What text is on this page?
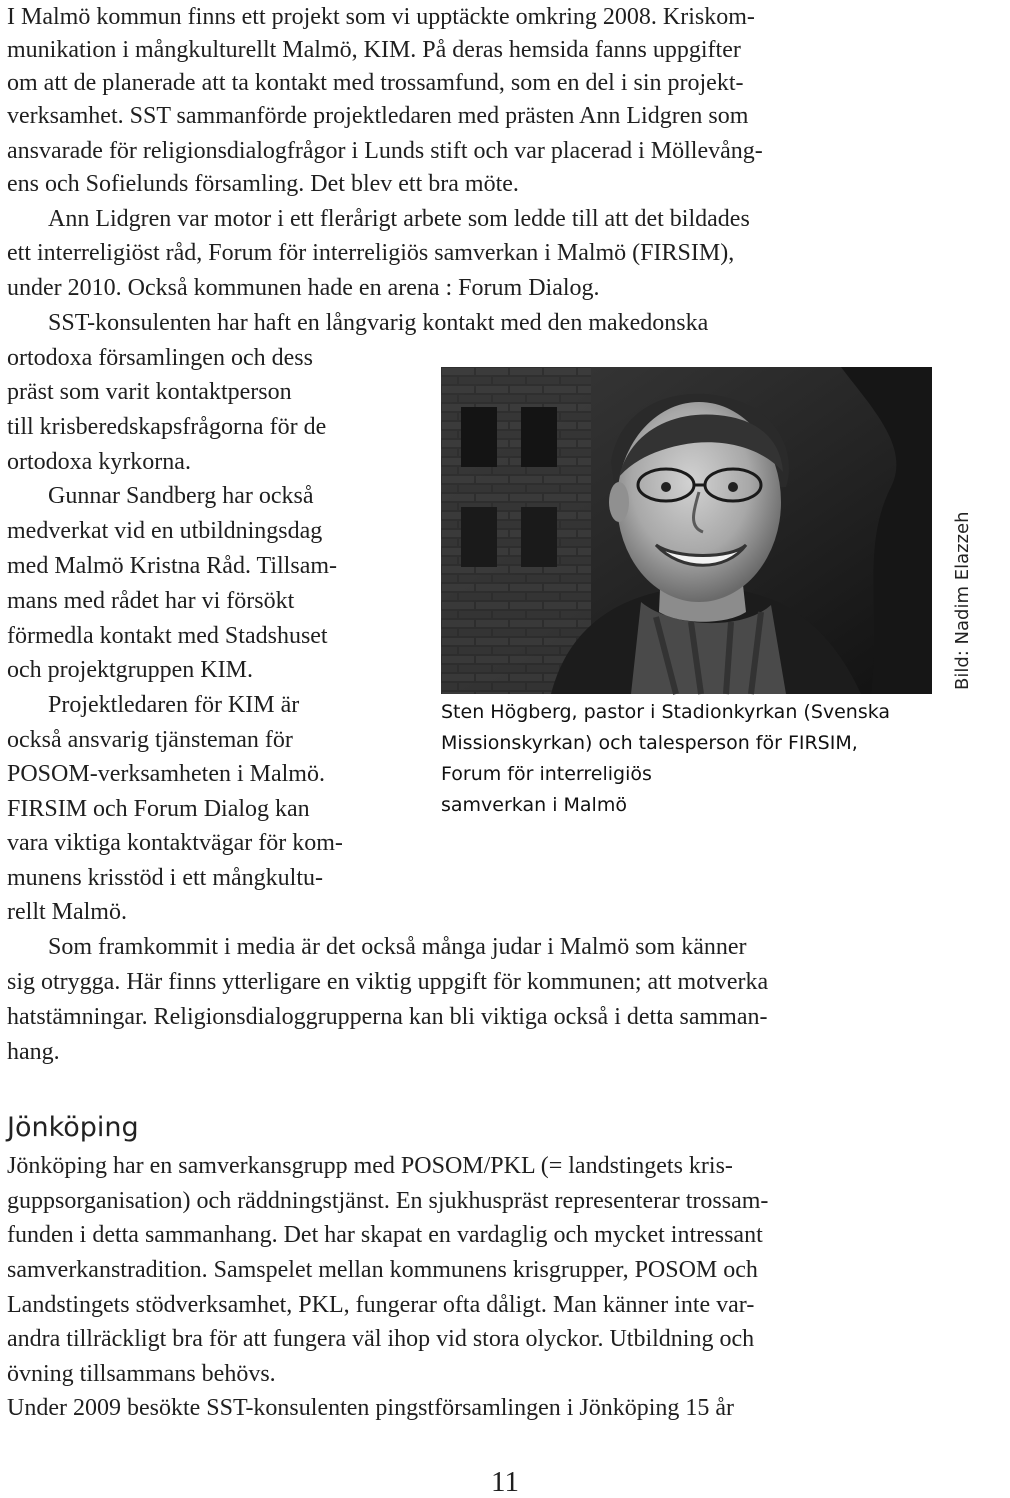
I Malmö kommun finns ett projekt som vi upptäckte omkring 2008. Kriskom-
munikation i mångkulturellt Malmö, KIM. På deras hemsida fanns uppgifter
om att de planerade att ta kontakt med trossamfund, som en del i sin projekt-
verksamhet. SST sammanförde projektledaren med prästen Ann Lidgren som
ansvarade för religionsdialogfrågor i Lunds stift och var placerad i Möllevång-
ens och Sofielunds församling. Det blev ett bra möte.
Ann Lidgren var motor i ett flerårigt arbete som ledde till att det bildades
ett interreligiöst råd, Forum för interreligiös samverkan i Malmö (FIRSIM),
under 2010. Också kommunen hade en arena : Forum Dialog.
SST-konsulenten har haft en långvarig kontakt med den makedonska
ortodoxa församlingen och dess
präst som varit kontaktperson
till krisberedskapsfrågorna för de
ortodoxa kyrkorna.
Gunnar Sandberg har också
medverkat vid en utbildningsdag
med Malmö Kristna Råd. Tillsam-
mans med rådet har vi försökt
förmedla kontakt med Stadshuset
och projektgruppen KIM.
Projektledaren för KIM är
också ansvarig tjänsteman för
POSOM-verksamheten i Malmö.
FIRSIM och Forum Dialog kan
vara viktiga kontaktvägar för kom-
munens krisstöd i ett mångkultu-
rellt Malmö.
Som framkommit i media är det också många judar i Malmö som känner
sig otrygga. Här finns ytterligare en viktig uppgift för kommunen; att motverka
hatstämningar. Religionsdialoggrupperna kan bli viktiga också i detta samman-
hang.
Sten Högberg, pastor i Stadionkyrkan (Svenska
Missionskyrkan) och talesperson för FIRSIM,
Forum för interreligiös
samverkan i Malmö
Bild: Nadim Elazzeh
Jönköping
Jönköping har en samverkansgrupp med POSOM/PKL (= landstingets kris-
guppsorganisation) och räddningstjänst. En sjukhuspräst representerar trossam-
funden i detta sammanhang. Det har skapat en vardaglig och mycket intressant
samverkanstradition. Samspelet mellan kommunens krisgrupper, POSOM och
Landstingets stödverksamhet, PKL, fungerar ofta dåligt. Man känner inte var-
andra tillräckligt bra för att fungera väl ihop vid stora olyckor. Utbildning och
övning tillsammans behövs.
Under 2009 besökte SST-konsulenten pingstförsamlingen i Jönköping 15 år
11
